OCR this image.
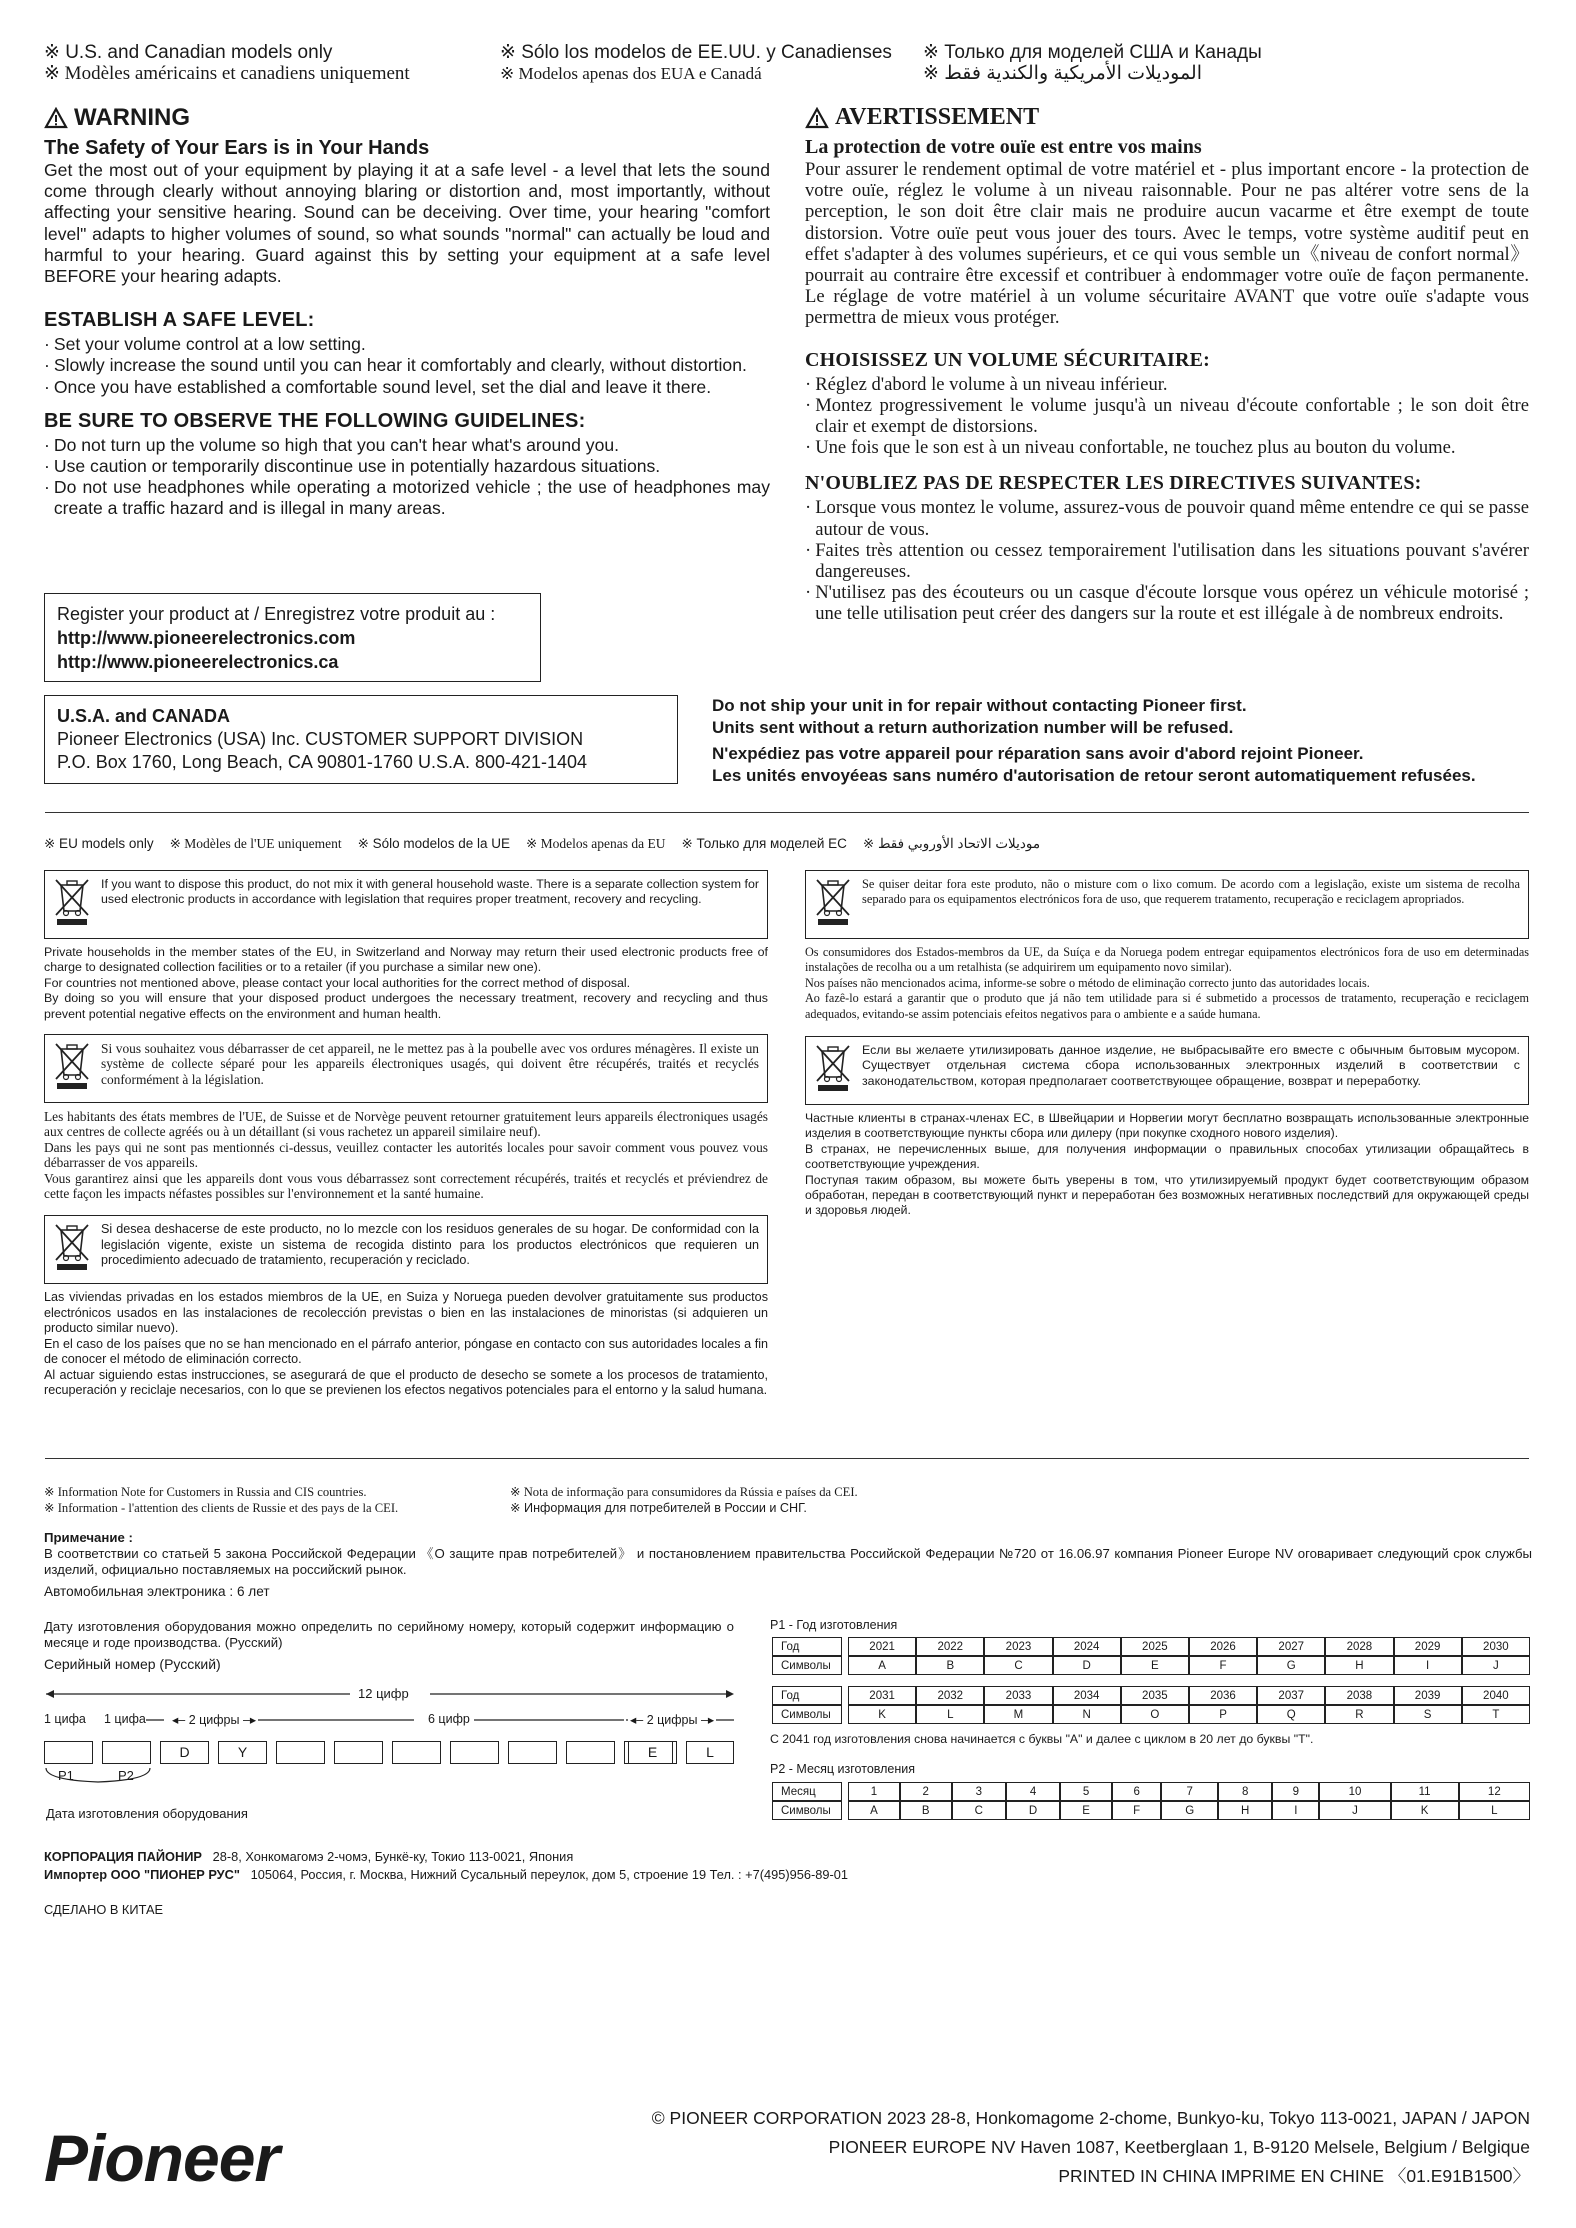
※ U.S. and Canadian models only
※ Modèles américains et canadiens uniquement
※ Sólo los modelos de EE.UU. y Canadienses
※ Modelos apenas dos EUA e Canadá
※ Только для моделей США и Канады
※ الموديلات الأمريكية والكندية فقط
WARNING
The Safety of Your Ears is in Your Hands
Get the most out of your equipment by playing it at a safe level - a level that lets the sound come through clearly without annoying blaring or distortion and, most importantly, without affecting your sensitive hearing. Sound can be deceiving. Over time, your hearing "comfort level" adapts to higher volumes of sound, so what sounds "normal" can actually be loud and harmful to your hearing. Guard against this by setting your equipment at a safe level BEFORE your hearing adapts.
ESTABLISH A SAFE LEVEL:
· Set your volume control at a low setting.
· Slowly increase the sound until you can hear it comfortably and clearly, without distortion.
· Once you have established a comfortable sound level, set the dial and leave it there.
BE SURE TO OBSERVE THE FOLLOWING GUIDELINES:
· Do not turn up the volume so high that you can't hear what's around you.
· Use caution or temporarily discontinue use in potentially hazardous situations.
· Do not use headphones while operating a motorized vehicle ; the use of headphones may create a traffic hazard and is illegal in many areas.
AVERTISSEMENT
La protection de votre ouïe est entre vos mains
Pour assurer le rendement optimal de votre matériel et - plus important encore - la protection de votre ouïe, réglez le volume à un niveau raisonnable. Pour ne pas altérer votre sens de la perception, le son doit être clair mais ne produire aucun vacarme et être exempt de toute distorsion. Votre ouïe peut vous jouer des tours. Avec le temps, votre système auditif peut en effet s'adapter à des volumes supérieurs, et ce qui vous semble un《niveau de confort normal》pourrait au contraire être excessif et contribuer à endommager votre ouïe de façon permanente. Le réglage de votre matériel à un volume sécuritaire AVANT que votre ouïe s'adapte vous permettra de mieux vous protéger.
CHOISISSEZ UN VOLUME SÉCURITAIRE:
· Réglez d'abord le volume à un niveau inférieur.
· Montez progressivement le volume jusqu'à un niveau d'écoute confortable ; le son doit être clair et exempt de distorsions.
· Une fois que le son est à un niveau confortable, ne touchez plus au bouton du volume.
N'OUBLIEZ PAS DE RESPECTER LES DIRECTIVES SUIVANTES:
· Lorsque vous montez le volume, assurez-vous de pouvoir quand même entendre ce qui se passe autour de vous.
· Faites très attention ou cessez temporairement l'utilisation dans les situations pouvant s'avérer dangereuses.
· N'utilisez pas des écouteurs ou un casque d'écoute lorsque vous opérez un véhicule motorisé ; une telle utilisation peut créer des dangers sur la route et est illégale à de nombreux endroits.
Register your product at / Enregistrez votre produit au :
http://www.pioneerelectronics.com
http://www.pioneerelectronics.ca
U.S.A. and CANADA
Pioneer Electronics (USA) Inc. CUSTOMER SUPPORT DIVISION
P.O. Box 1760, Long Beach, CA 90801-1760 U.S.A. 800-421-1404
Do not ship your unit in for repair without contacting Pioneer first.
Units sent without a return authorization number will be refused.
N'expédiez pas votre appareil pour réparation sans avoir d'abord rejoint Pioneer.
Les unités envoyéeas sans numéro d'autorisation de retour seront automatiquement refusées.
※ EU models only ※ Modèles de l'UE uniquement ※ Sólo modelos de la UE ※ Modelos apenas da EU ※ Только для моделей ЕС ※ موديلات الاتحاد الأوروبي فقط
If you want to dispose this product, do not mix it with general household waste. There is a separate collection system for used electronic products in accordance with legislation that requires proper treatment, recovery and recycling.
Private households in the member states of the EU, in Switzerland and Norway may return their used electronic products free of charge to designated collection facilities or to a retailer (if you purchase a similar new one).
For countries not mentioned above, please contact your local authorities for the correct method of disposal.
By doing so you will ensure that your disposed product undergoes the necessary treatment, recovery and recycling and thus prevent potential negative effects on the environment and human health.
Si vous souhaitez vous débarrasser de cet appareil, ne le mettez pas à la poubelle avec vos ordures ménagères. Il existe un système de collecte séparé pour les appareils électroniques usagés, qui doivent être récupérés, traités et recyclés conformément à la législation.
Les habitants des états membres de l'UE, de Suisse et de Norvège peuvent retourner gratuitement leurs appareils électroniques usagés aux centres de collecte agréés ou à un détaillant (si vous rachetez un appareil similaire neuf).
Dans les pays qui ne sont pas mentionnés ci-dessus, veuillez contacter les autorités locales pour savoir comment vous pouvez vous débarrasser de vos appareils.
Vous garantirez ainsi que les appareils dont vous vous débarrassez sont correctement récupérés, traités et recyclés et préviendrez de cette façon les impacts néfastes possibles sur l'environnement et la santé humaine.
Si desea deshacerse de este producto, no lo mezcle con los residuos generales de su hogar. De conformidad con la legislación vigente, existe un sistema de recogida distinto para los productos electrónicos que requieren un procedimiento adecuado de tratamiento, recuperación y reciclado.
Las viviendas privadas en los estados miembros de la UE, en Suiza y Noruega pueden devolver gratuitamente sus productos electrónicos usados en las instalaciones de recolección previstas o bien en las instalaciones de minoristas (si adquieren un producto similar nuevo).
En el caso de los países que no se han mencionado en el párrafo anterior, póngase en contacto con sus autoridades locales a fin de conocer el método de eliminación correcto.
Al actuar siguiendo estas instrucciones, se asegurará de que el producto de desecho se somete a los procesos de tratamiento, recuperación y reciclaje necesarios, con lo que se previenen los efectos negativos potenciales para el entorno y la salud humana.
Se quiser deitar fora este produto, não o misture com o lixo comum. De acordo com a legislação, existe um sistema de recolha separado para os equipamentos electrónicos fora de uso, que requerem tratamento, recuperação e reciclagem apropriados.
Os consumidores dos Estados-membros da UE, da Suíça e da Noruega podem entregar equipamentos electrónicos fora de uso em determinadas instalações de recolha ou a um retalhista (se adquirirem um equipamento novo similar).
Nos países não mencionados acima, informe-se sobre o método de eliminação correcto junto das autoridades locais.
Ao fazê-lo estará a garantir que o produto que já não tem utilidade para si é submetido a processos de tratamento, recuperação e reciclagem adequados, evitando-se assim potenciais efeitos negativos para o ambiente e a saúde humana.
Если вы желаете утилизировать данное изделие, не выбрасывайте его вместе с обычным бытовым мусором. Существует отдельная система сбора использованных электронных изделий в соответствии с законодательством, которая предполагает соответствующее обращение, возврат и переработку.
Частные клиенты в странах-членах ЕС, в Швейцарии и Норвегии могут бесплатно возвращать использованные электронные изделия в соответствующие пункты сбора или дилеру (при покупке сходного нового изделия).
В странах, не перечисленных выше, для получения информации о правильных способах утилизации обращайтесь в соответствующие учреждения.
Поступая таким образом, вы можете быть уверены в том, что утилизируемый продукт будет соответствующим образом обработан, передан в соответствующий пункт и переработан без возможных негативных последствий для окружающей среды и здоровья людей.
※ Information Note for Customers in Russia and CIS countries.
※ Information - l'attention des clients de Russie et des pays de la CEI.
※ Nota de informação para consumidores da Rússia e países da CEI.
※ Информация для потребителей в России и СНГ.
Примечание :
В соответствии со статьей 5 закона Российской Федерации 《О защите прав потребителей》 и постановлением правительства Российской Федерации №720 от 16.06.97 компания Pioneer Europe NV оговаривает следующий срок службы изделий, официально поставляемых на российский рынок.
Автомобильная электроника : 6 лет
Дату изготовления оборудования можно определить по серийному номеру, который содержит информацию о месяце и годе производства. (Русский)
Серийный номер (Русский)
12 цифр
1 цифа 1 цифа ◂– 2 цифры –▸	6 цифр	◂– 2 цифры –▸
D	Y	E	L
P1	P2
Дата изготовления оборудования
P1 - Год изготовления
Год		2021	2022	2023	2024	2025	2026	2027	2028	2029	2030
Символы		A	B	C	D	E	F	G	H	I	J
Год		2031	2032	2033	2034	2035	2036	2037	2038	2039	2040
Символы		K	L	M	N	O	P	Q	R	S	T
С 2041 год изготовления снова начинается с буквы "A" и далее с циклом в 20 лет до буквы "T".
P2 - Месяц изготовления
Месяц		1	2	3	4	5	6	7	8	9	10	11	12
Символы		A	B	C	D	E	F	G	H	I	J	K	L
КОРПОРАЦИЯ ПАЙОНИР 28-8, Хонкомагомэ 2-чомэ, Бункё-ку, Токио 113-0021, Япония
Импортер ООО "ПИОНЕР РУС" 105064, Россия, г. Москва, Нижний Сусальный переулок, дом 5, строение 19 Тел. : +7(495)956-89-01
СДЕЛАНО В КИТАЕ
© PIONEER CORPORATION 2023 28-8, Honkomagome 2-chome, Bunkyo-ku, Tokyo 113-0021, JAPAN / JAPON
PIONEER EUROPE NV Haven 1087, Keetberglaan 1, B-9120 Melsele, Belgium / Belgique
PRINTED IN CHINA IMPRIME EN CHINE 〈01.E91B1500〉
Pioneer
